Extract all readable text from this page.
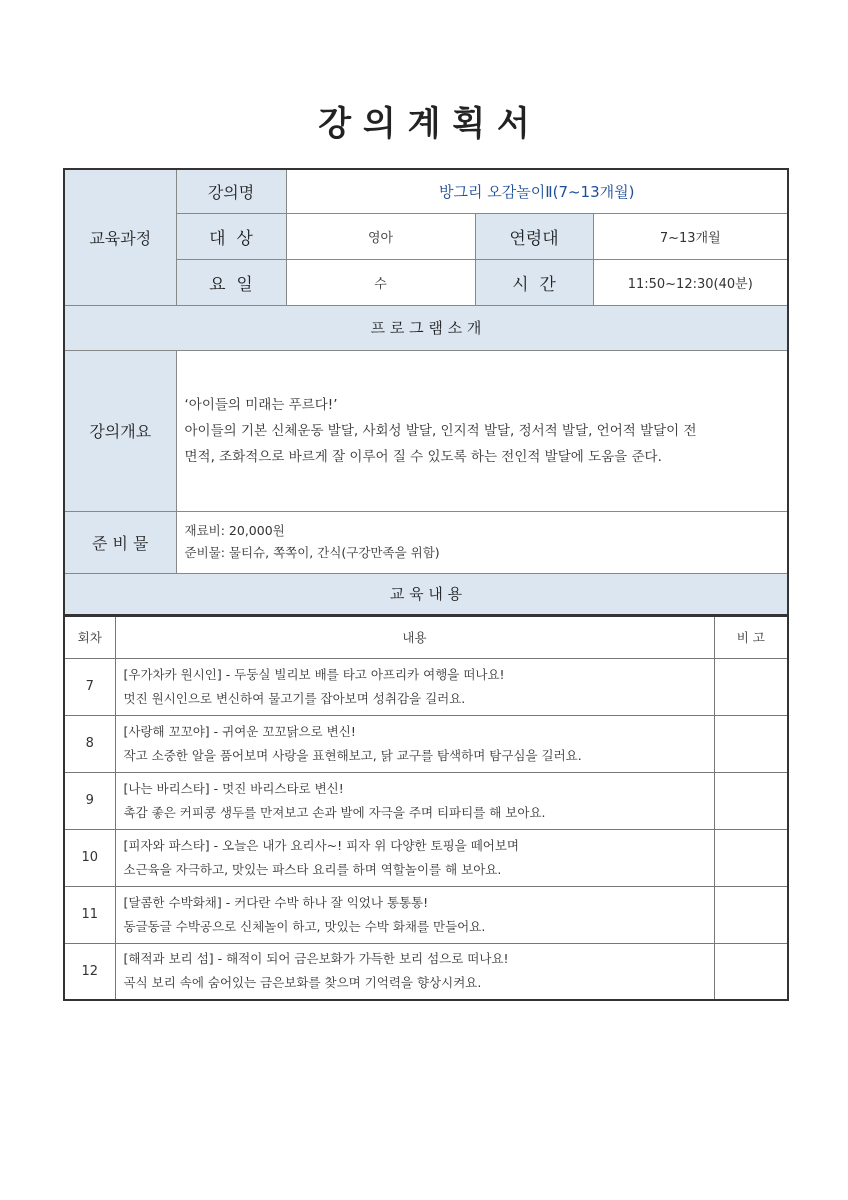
강 의 계 획 서
교육과정	강의명	방그리 오감놀이Ⅱ(7~13개월)		
	대  상	영아	연령대	7~13개월
	요  일	수	시  간	11:50~12:30(40분)
프 로 그 램 소 개				
강의개요	‘아이들의 미래는 푸르다!’
아이들의 기본 신체운동 발달, 사회성 발달, 인지적 발달, 정서적 발달, 언어적 발달이 전
면적, 조화적으로 바르게 잘 이루어 질 수 있도록 하는 전인적 발달에 도움을 준다.			

준 비 물	재료비: 20,000원
준비물: 물티슈, 쪽쪽이, 간식(구강만족을 위함)			

교 육 내 용				
회차	내용	비 고
7	[우가차카 원시인] - 두둥실 빌리보 배를 타고 아프리카 여행을 떠나요!
멋진 원시인으로 변신하여 물고기를 잡아보며 성취감을 길러요.	

8	[사랑해 꼬꼬야] - 귀여운 꼬꼬닭으로 변신!
작고 소중한 알을 품어보며 사랑을 표현해보고, 닭 교구를 탐색하며 탐구심을 길러요.	

9	[나는 바리스타] - 멋진 바리스타로 변신!
촉감 좋은 커피콩 생두를 만져보고 손과 발에 자극을 주며 티파티를 해 보아요.	

10	[피자와 파스타] - 오늘은 내가 요리사~! 피자 위 다양한 토핑을 떼어보며
소근육을 자극하고, 맛있는 파스타 요리를 하며 역할놀이를 해 보아요.	

11	[달콤한 수박화채] - 커다란 수박 하나 잘 익었나 통통통!
동글동글 수박공으로 신체놀이 하고, 맛있는 수박 화채를 만들어요.	

12	[해적과 보리 섬] - 해적이 되어 금은보화가 가득한 보리 섬으로 떠나요!
곡식 보리 속에 숨어있는 금은보화를 찾으며 기억력을 향상시켜요.	
